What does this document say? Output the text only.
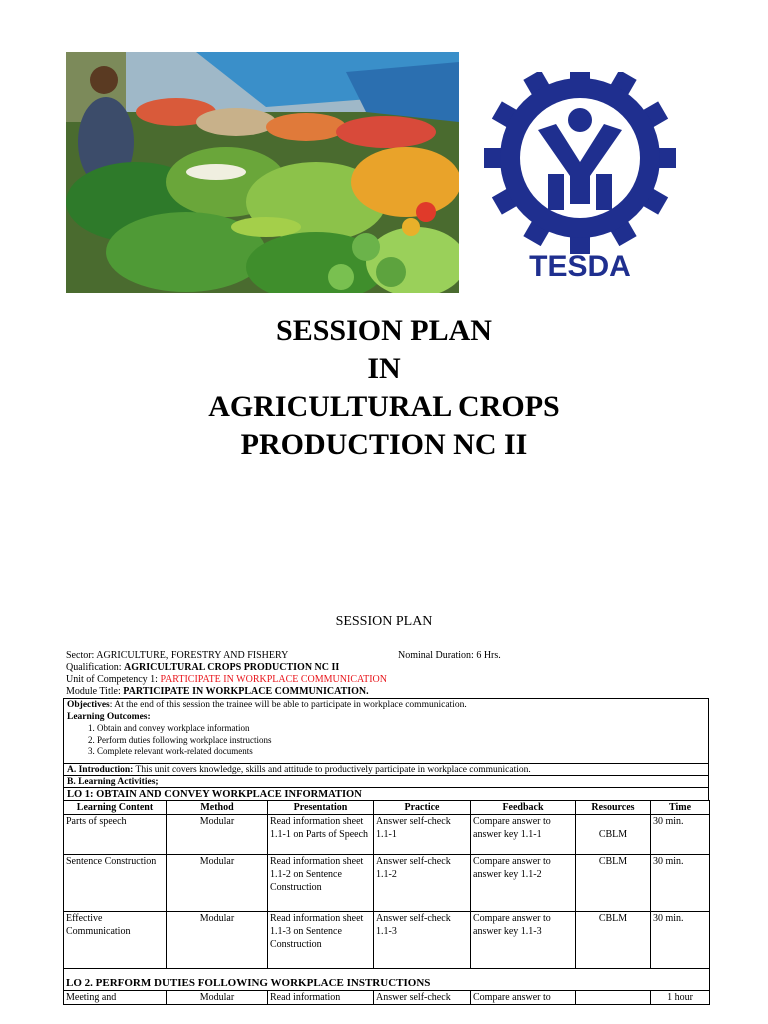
TESDA
SESSION PLAN
IN
AGRICULTURAL CROPS
PRODUCTION NC II
SESSION PLAN
Sector: AGRICULTURE, FORESTRY AND FISHERY	Nominal Duration: 6 Hrs.
Qualification: AGRICULTURAL CROPS PRODUCTION NC II
Unit of Competency 1: PARTICIPATE IN WORKPLACE COMMUNICATION
Module Title: PARTICIPATE IN WORKPLACE COMMUNICATION.
Objectives: At the end of this session the trainee will be able to participate in workplace communication.
Learning Outcomes:
1. Obtain and convey workplace information
2. Perform duties following workplace instructions
3. Complete relevant work-related documents
A. Introduction: This unit covers knowledge, skills and attitude to productively participate in workplace communication.
B. Learning Activities;
LO 1: OBTAIN AND CONVEY WORKPLACE INFORMATION
Learning Content	Method	Presentation	Practice	Feedback	Resources	Time
Parts of speech	Modular	Read information sheet 1.1-1 on Parts of Speech	Answer self-check 1.1-1	Compare answer to answer key 1.1-1	CBLM	30 min.
Sentence Construction	Modular	Read information sheet 1.1-2 on Sentence Construction	Answer self-check 1.1-2	Compare answer to answer key 1.1-2	CBLM	30 min.
Effective Communication	Modular	Read information sheet 1.1-3 on Sentence Construction	Answer self-check 1.1-3	Compare answer to answer key 1.1-3	CBLM	30 min.
LO 2. PERFORM DUTIES FOLLOWING WORKPLACE INSTRUCTIONS						
Meeting and	Modular	Read information	Answer self-check	Compare answer to		1 hour
